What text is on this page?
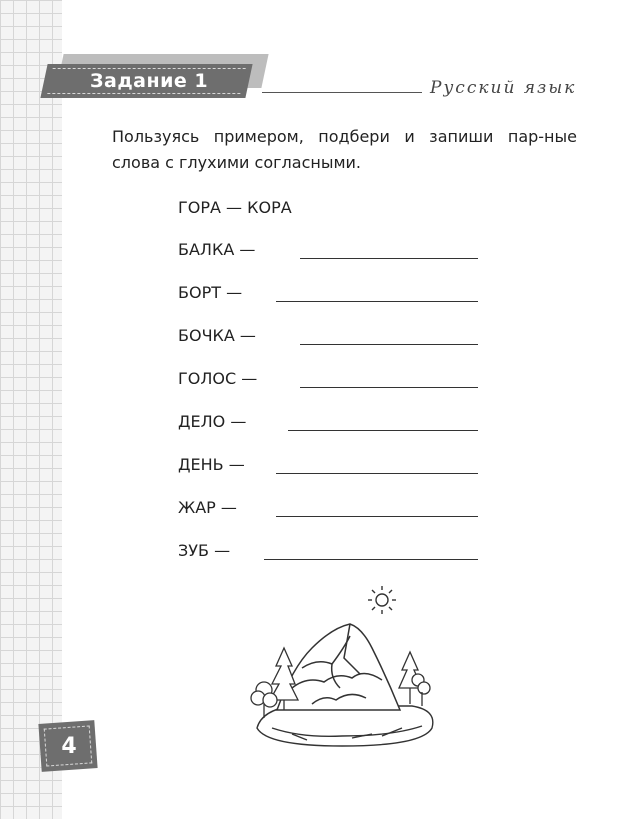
Задание 1	Русский язык
Пользуясь примером, подбери и запиши пар-ные слова с глухими согласными.
ГОРА — КОРА
БАЛКА —
БОРТ —
БОЧКА —
ГОЛОС —
ДЕЛО —
ДЕНЬ —
ЖАР —
ЗУБ —
4
